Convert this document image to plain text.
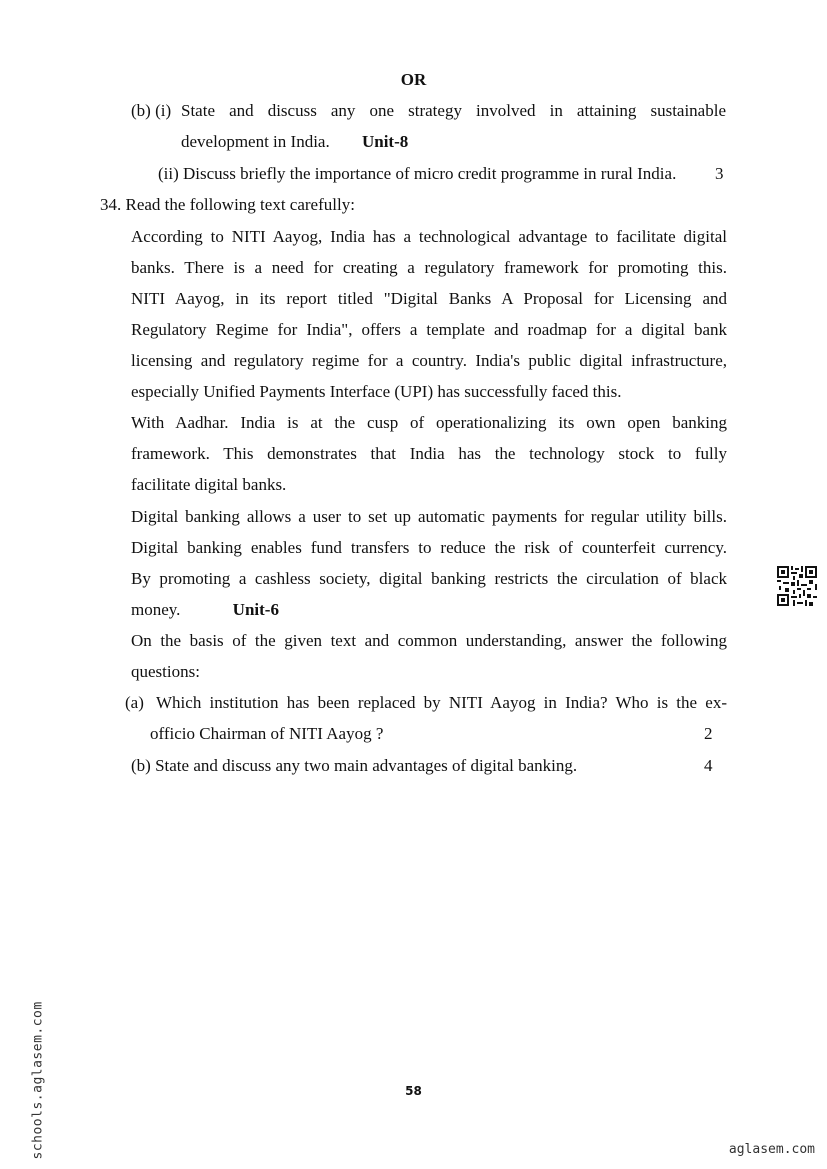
OR
(b) (i) State and discuss any one strategy involved in attaining sustainable
development in India. Unit-8
(ii) Discuss briefly the importance of micro credit programme in rural India. 3
34. Read the following text carefully:
According to NITI Aayog, India has a technological advantage to facilitate digital
banks. There is a need for creating a regulatory framework for promoting this.
NITI Aayog, in its report titled "Digital Banks A Proposal for Licensing and
Regulatory Regime for India", offers a template and roadmap for a digital bank
licensing and regulatory regime for a country. India's public digital infrastructure,
especially Unified Payments Interface (UPI) has successfully faced this.
With Aadhar. India is at the cusp of operationalizing its own open banking
framework. This demonstrates that India has the technology stock to fully
facilitate digital banks.
Digital banking allows a user to set up automatic payments for regular utility bills.
Digital banking enables fund transfers to reduce the risk of counterfeit currency.
By promoting a cashless society, digital banking restricts the circulation of black
money.	Unit-6
On the basis of the given text and common understanding, answer the following
questions:
(a) Which institution has been replaced by NITI Aayog in India? Who is the ex-
officio Chairman of NITI Aayog ?	2
(b) State and discuss any two main advantages of digital banking.	4
58
schools.aglasem.com	aglasem.com
